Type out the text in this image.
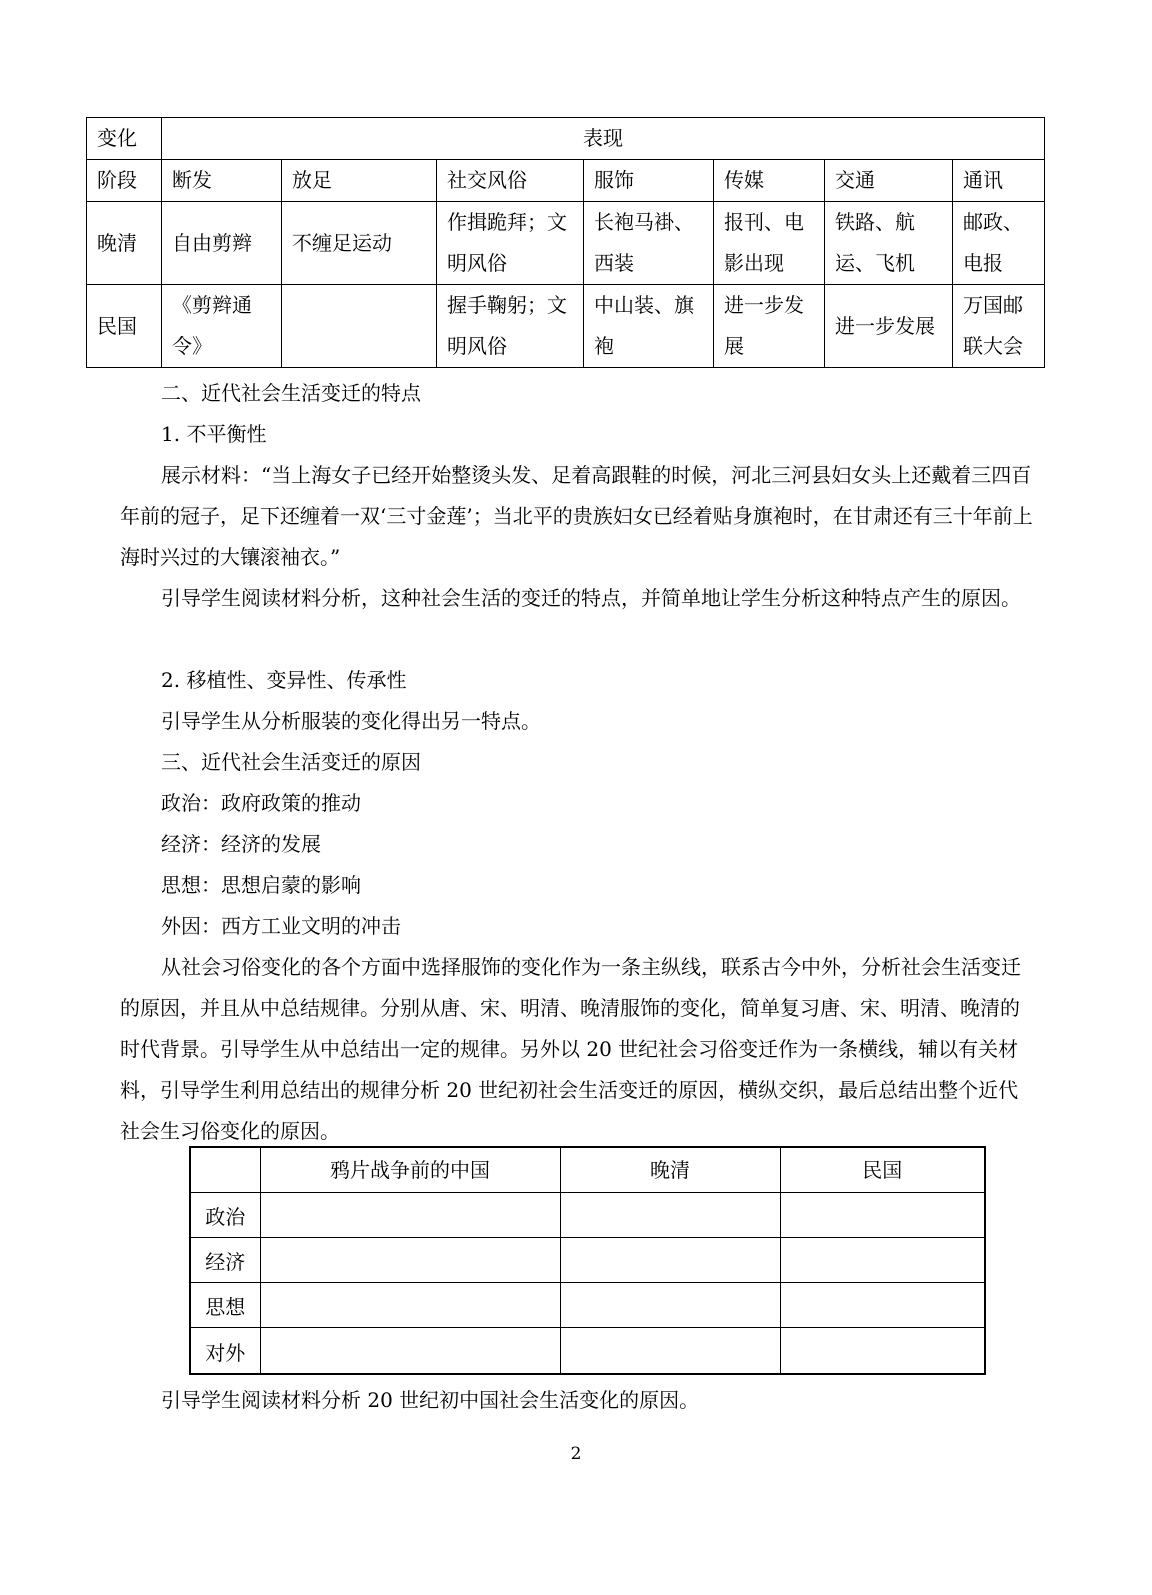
变化	表现						
阶段	断发	放足	社交风俗	服饰	传媒	交通	通讯
晚清	自由剪辫	不缠足运动	作揖跪拜；文明风俗	长袍马褂、西装	报刊、电影出现	铁路、航运、飞机	邮政、电报
民国	《剪辫通令》		握手鞠躬；文明风俗	中山装、旗袍	进一步发展	进一步发展	万国邮联大会

二、近代社会生活变迁的特点

1. 不平衡性

展示材料：“当上海女子已经开始整烫头发、足着高跟鞋的时候，河北三河县妇女头上还戴着三四百年前的冠子，足下还缠着一双‘三寸金莲’；当北平的贵族妇女已经着贴身旗袍时，在甘肃还有三十年前上海时兴过的大镶滚袖衣。”

引导学生阅读材料分析，这种社会生活的变迁的特点，并简单地让学生分析这种特点产生的原因。

2. 移植性、变异性、传承性

引导学生从分析服装的变化得出另一特点。

三、近代社会生活变迁的原因

政治：政府政策的推动

经济：经济的发展

思想：思想启蒙的影响

外因：西方工业文明的冲击

从社会习俗变化的各个方面中选择服饰的变化作为一条主纵线，联系古今中外，分析社会生活变迁的原因，并且从中总结规律。分别从唐、宋、明清、晚清服饰的变化，简单复习唐、宋、明清、晚清的时代背景。引导学生从中总结出一定的规律。另外以 20 世纪社会习俗变迁作为一条横线，辅以有关材料，引导学生利用总结出的规律分析 20 世纪初社会生活变迁的原因，横纵交织，最后总结出整个近代社会生习俗变化的原因。

	鸦片战争前的中国	晚清	民国
政治			
经济			
思想			
对外			

引导学生阅读材料分析 20 世纪初中国社会生活变化的原因。

2
